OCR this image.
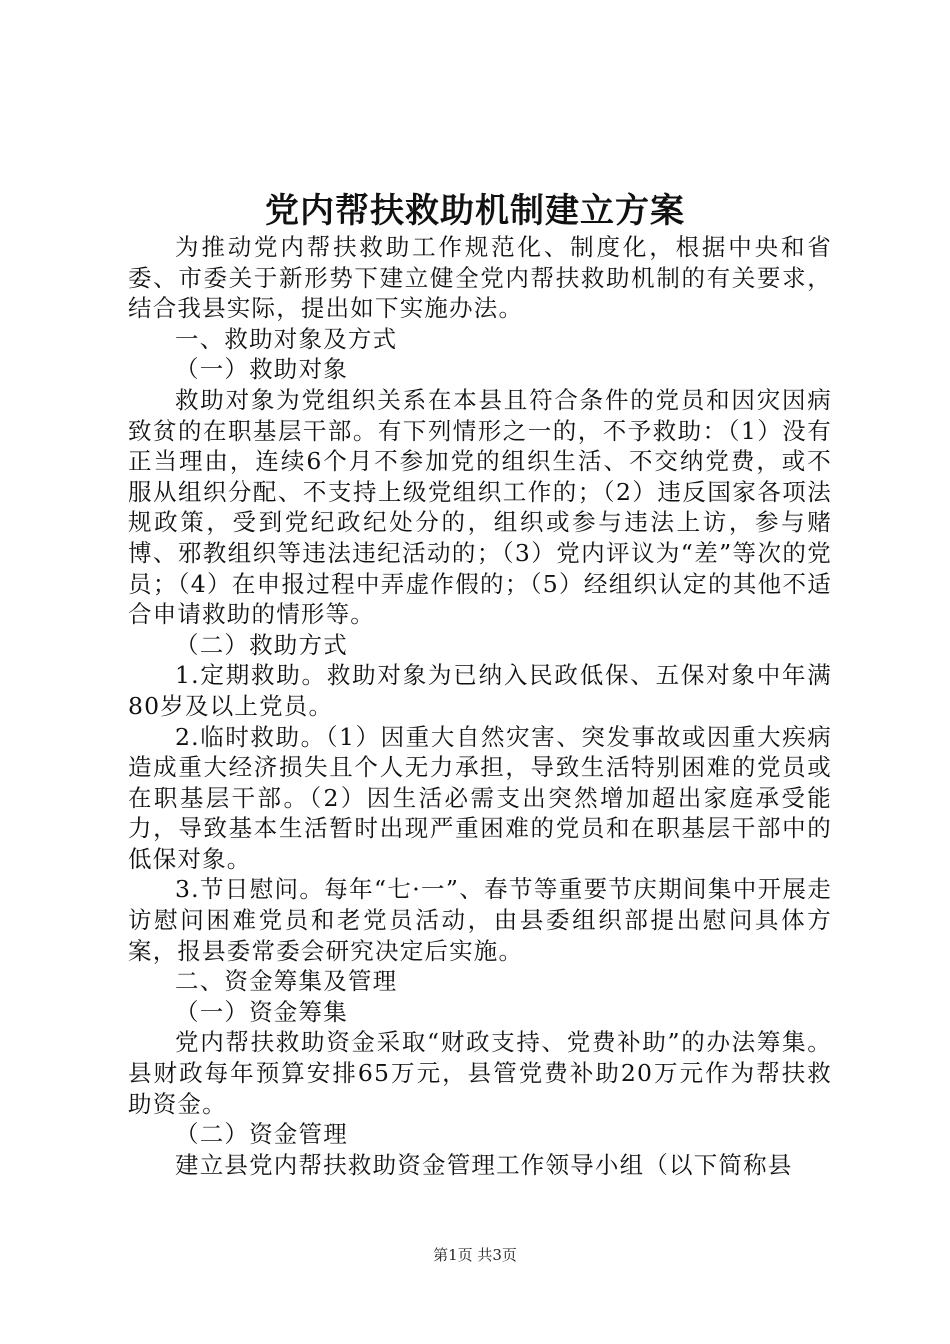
党内帮扶救助机制建立方案

为推动党内帮扶救助工作规范化、制度化，根据中央和省委、市委关于新形势下建立健全党内帮扶救助机制的有关要求，结合我县实际，提出如下实施办法。

一、救助对象及方式

（一）救助对象

救助对象为党组织关系在本县且符合条件的党员和因灾因病致贫的在职基层干部。有下列情形之一的，不予救助：（1）没有正当理由，连续6个月不参加党的组织生活、不交纳党费，或不服从组织分配、不支持上级党组织工作的；（2）违反国家各项法规政策，受到党纪政纪处分的，组织或参与违法上访，参与赌博、邪教组织等违法违纪活动的；（3）党内评议为“差”等次的党员；（4）在申报过程中弄虚作假的；（5）经组织认定的其他不适合申请救助的情形等。

（二）救助方式

1.定期救助。救助对象为已纳入民政低保、五保对象中年满80岁及以上党员。

2.临时救助。（1）因重大自然灾害、突发事故或因重大疾病造成重大经济损失且个人无力承担，导致生活特别困难的党员或在职基层干部。（2）因生活必需支出突然增加超出家庭承受能力，导致基本生活暂时出现严重困难的党员和在职基层干部中的低保对象。

3.节日慰问。每年“七·一”、春节等重要节庆期间集中开展走访慰问困难党员和老党员活动，由县委组织部提出慰问具体方案，报县委常委会研究决定后实施。

二、资金筹集及管理

（一）资金筹集

党内帮扶救助资金采取“财政支持、党费补助”的办法筹集。县财政每年预算安排65万元，县管党费补助20万元作为帮扶救助资金。

（二）资金管理

建立县党内帮扶救助资金管理工作领导小组（以下简称县

第1页 共3页
